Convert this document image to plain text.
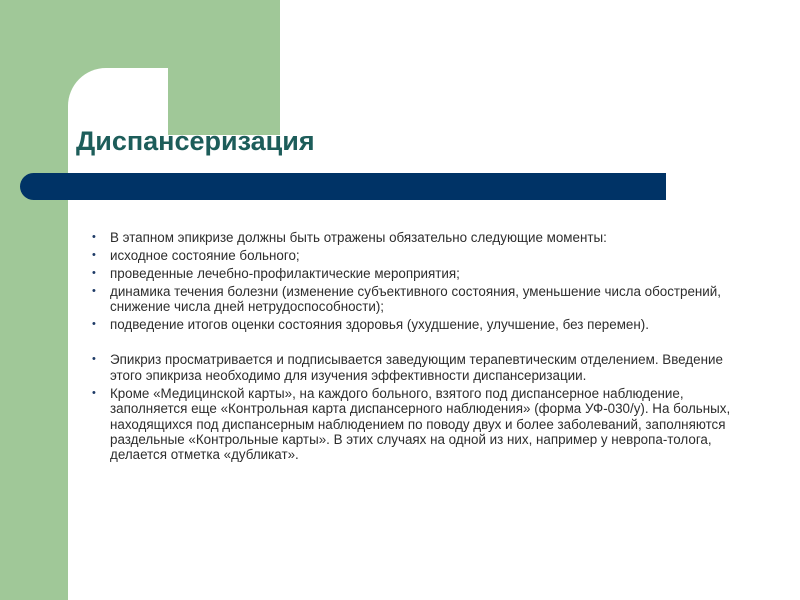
Диспансеризация
• В этапном эпикризе должны быть отражены обязательно следующие моменты:
• исходное состояние больного;
• проведенные лечебно-профилактические мероприятия;
• динамика течения болезни (изменение субъективного состояния, уменьшение числа обострений, снижение числа дней нетрудоспособности);
• подведение итогов оценки состояния здоровья (ухудшение, улучшение, без перемен).
• Эпикриз просматривается и подписывается заведующим терапевтическим отделением. Введение этого эпикриза необходимо для изучения эффективности диспансеризации.
• Кроме «Медицинской карты», на каждого больного, взятого под диспансерное наблюдение, заполняется еще «Контрольная карта диспансерного наблюдения» (форма УФ-030/у). На больных, находящихся под диспансерным наблюдением по поводу двух и более заболеваний, заполняются раздельные «Контрольные карты». В этих случаях на одной из них, например у невропа-толога, делается отметка «дубликат».
